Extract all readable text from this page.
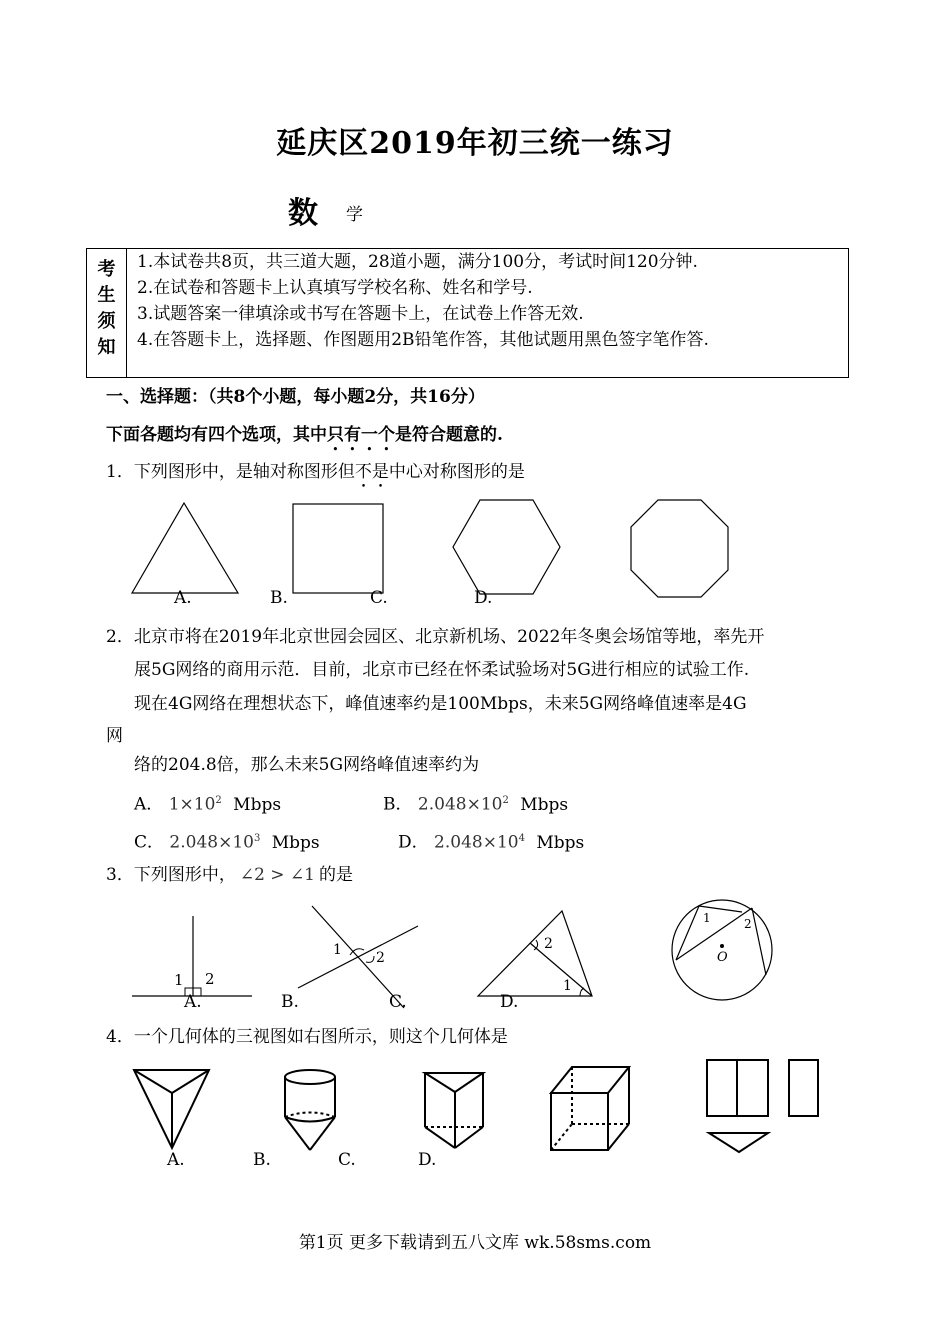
延庆区2019年初三统一练习
数 学
考
生
须
知
1.本试卷共8页，共三道大题，28道小题，满分100分，考试时间120分钟.
2.在试卷和答题卡上认真填写学校名称、姓名和学号.
3.试题答案一律填涂或书写在答题卡上，在试卷上作答无效.
4.在答题卡上，选择题、作图题用2B铅笔作答，其他试题用黑色签字笔作答.
一、选择题：（共8个小题，每小题2分，共16分）
下面各题均有四个选项，其中只有一个是符合题意的.
1．下列图形中，是轴对称图形但不是中心对称图形的是
A.	B.	C.	D.
2．北京市将在2019年北京世园会园区、北京新机场、2022年冬奥会场馆等地，率先开
展5G网络的商用示范．目前，北京市已经在怀柔试验场对5G进行相应的试验工作.
现在4G网络在理想状态下，峰值速率约是100Mbps，未来5G网络峰值速率是4G
网
络的204.8倍，那么未来5G网络峰值速率约为
A． $1\times 10^2$ Mbps	B． $2.048\times 10^2$ Mbps
C． $2.048\times 10^3$ Mbps	D． $2.048\times 10^4$ Mbps
3．下列图形中， ∠2 > ∠1 的是
1 2
1 2
2
1
1	2
O
A.	B.	C.	D.
4．一个几何体的三视图如右图所示，则这个几何体是
A.	B.	C.	D.
第1页 更多下载请到五八文库 wk.58sms.com
